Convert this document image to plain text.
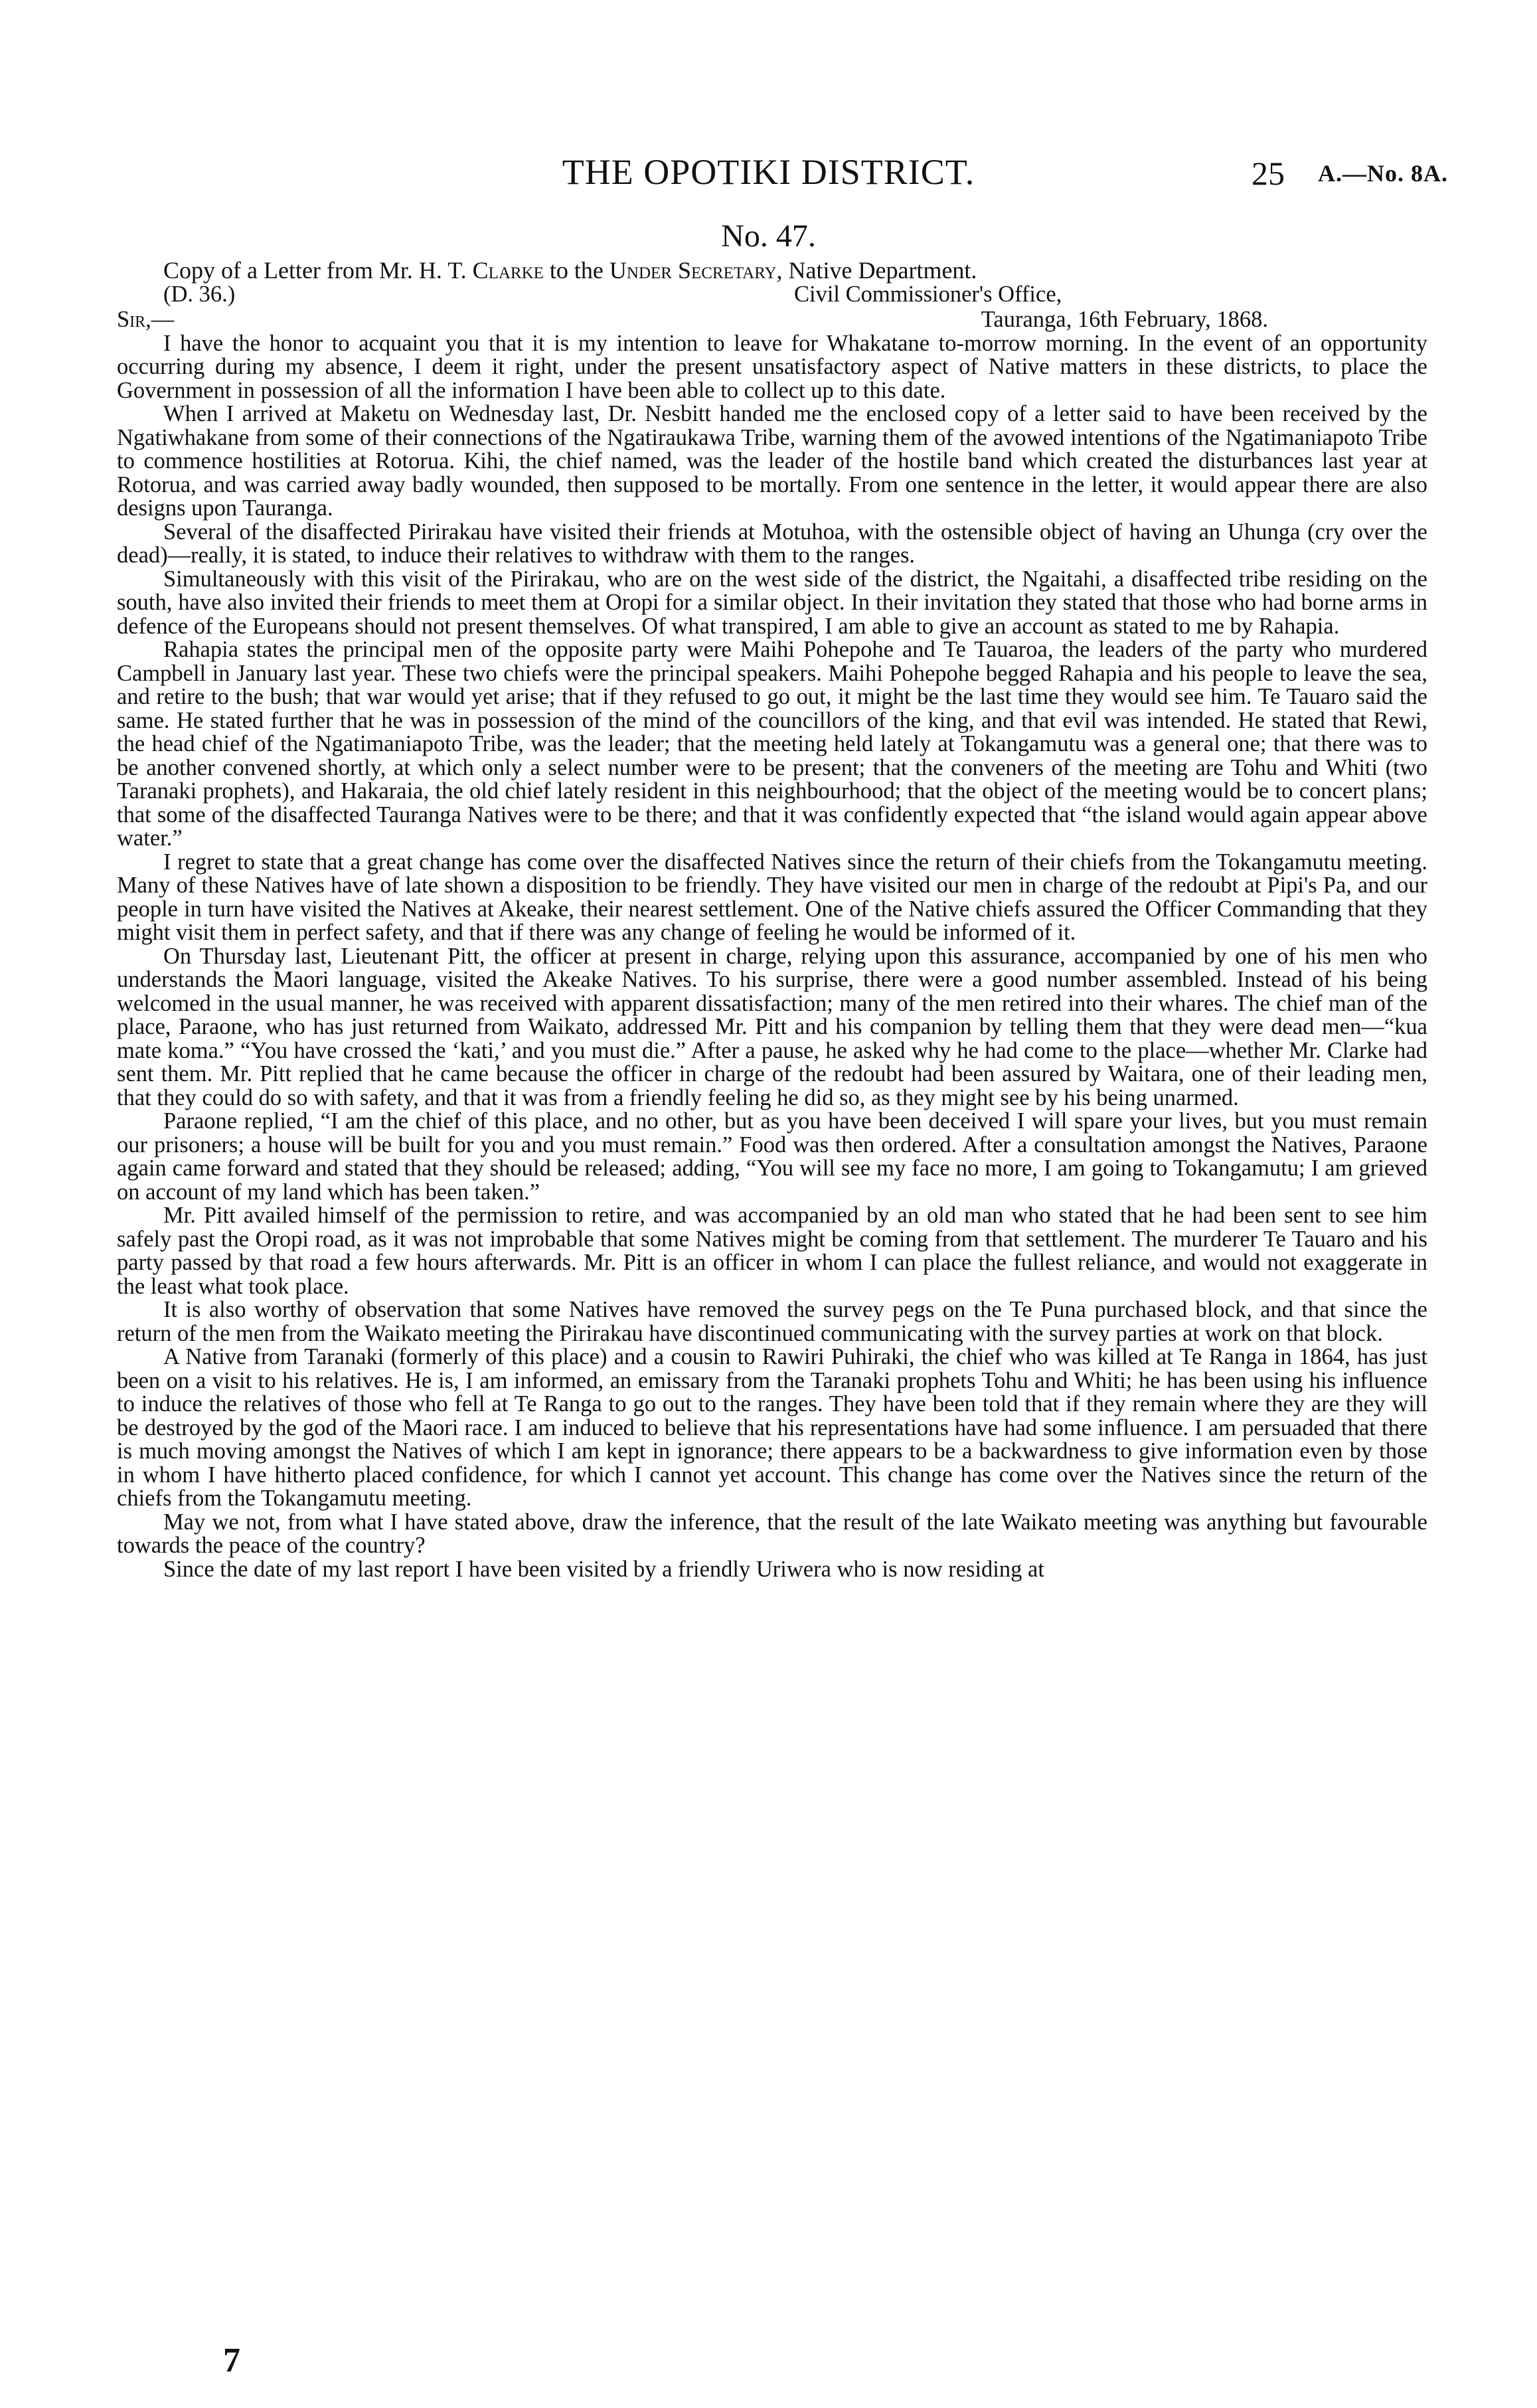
THE OPOTIKI DISTRICT.	25 A.—No. 8A.
No. 47.

Copy of a Letter from Mr. H. T. Clarke to the Under Secretary, Native Department.

(D. 36.)	Civil Commissioner's Office,
Sir,—	Tauranga, 16th February, 1868.

I have the honor to acquaint you that it is my intention to leave for Whakatane to-morrow morning. In the event of an opportunity occurring during my absence, I deem it right, under the present unsatisfactory aspect of Native matters in these districts, to place the Government in possession of all the information I have been able to collect up to this date.

When I arrived at Maketu on Wednesday last, Dr. Nesbitt handed me the enclosed copy of a letter said to have been received by the Ngatiwhakane from some of their connections of the Ngatiraukawa Tribe, warning them of the avowed intentions of the Ngatimaniapoto Tribe to commence hostilities at Rotorua. Kihi, the chief named, was the leader of the hostile band which created the disturbances last year at Rotorua, and was carried away badly wounded, then supposed to be mortally. From one sentence in the letter, it would appear there are also designs upon Tauranga.

Several of the disaffected Pirirakau have visited their friends at Motuhoa, with the ostensible object of having an Uhunga (cry over the dead)—really, it is stated, to induce their relatives to withdraw with them to the ranges.

Simultaneously with this visit of the Pirirakau, who are on the west side of the district, the Ngaitahi, a disaffected tribe residing on the south, have also invited their friends to meet them at Oropi for a similar object. In their invitation they stated that those who had borne arms in defence of the Europeans should not present themselves. Of what transpired, I am able to give an account as stated to me by Rahapia.

Rahapia states the principal men of the opposite party were Maihi Pohepohe and Te Tauaroa, the leaders of the party who murdered Campbell in January last year. These two chiefs were the principal speakers. Maihi Pohepohe begged Rahapia and his people to leave the sea, and retire to the bush; that war would yet arise; that if they refused to go out, it might be the last time they would see him. Te Tauaro said the same. He stated further that he was in possession of the mind of the councillors of the king, and that evil was intended. He stated that Rewi, the head chief of the Ngatimaniapoto Tribe, was the leader; that the meeting held lately at Tokangamutu was a general one; that there was to be another convened shortly, at which only a select number were to be present; that the conveners of the meeting are Tohu and Whiti (two Taranaki prophets), and Hakaraia, the old chief lately resident in this neighbourhood; that the object of the meeting would be to concert plans; that some of the disaffected Tauranga Natives were to be there; and that it was confidently expected that “the island would again appear above water.”

I regret to state that a great change has come over the disaffected Natives since the return of their chiefs from the Tokangamutu meeting. Many of these Natives have of late shown a disposition to be friendly. They have visited our men in charge of the redoubt at Pipi's Pa, and our people in turn have visited the Natives at Akeake, their nearest settlement. One of the Native chiefs assured the Officer Commanding that they might visit them in perfect safety, and that if there was any change of feeling he would be informed of it.

On Thursday last, Lieutenant Pitt, the officer at present in charge, relying upon this assurance, accompanied by one of his men who understands the Maori language, visited the Akeake Natives. To his surprise, there were a good number assembled. Instead of his being welcomed in the usual manner, he was received with apparent dissatisfaction; many of the men retired into their whares. The chief man of the place, Paraone, who has just returned from Waikato, addressed Mr. Pitt and his companion by telling them that they were dead men—“kua mate koma.” “You have crossed the ‘kati,’ and you must die.” After a pause, he asked why he had come to the place—whether Mr. Clarke had sent them. Mr. Pitt replied that he came because the officer in charge of the redoubt had been assured by Waitara, one of their leading men, that they could do so with safety, and that it was from a friendly feeling he did so, as they might see by his being unarmed.

Paraone replied, “I am the chief of this place, and no other, but as you have been deceived I will spare your lives, but you must remain our prisoners; a house will be built for you and you must remain.” Food was then ordered. After a consultation amongst the Natives, Paraone again came forward and stated that they should be released; adding, “You will see my face no more, I am going to Tokangamutu; I am grieved on account of my land which has been taken.”

Mr. Pitt availed himself of the permission to retire, and was accompanied by an old man who stated that he had been sent to see him safely past the Oropi road, as it was not improbable that some Natives might be coming from that settlement. The murderer Te Tauaro and his party passed by that road a few hours afterwards. Mr. Pitt is an officer in whom I can place the fullest reliance, and would not exaggerate in the least what took place.

It is also worthy of observation that some Natives have removed the survey pegs on the Te Puna purchased block, and that since the return of the men from the Waikato meeting the Pirirakau have discontinued communicating with the survey parties at work on that block.

A Native from Taranaki (formerly of this place) and a cousin to Rawiri Puhiraki, the chief who was killed at Te Ranga in 1864, has just been on a visit to his relatives. He is, I am informed, an emissary from the Taranaki prophets Tohu and Whiti; he has been using his influence to induce the relatives of those who fell at Te Ranga to go out to the ranges. They have been told that if they remain where they are they will be destroyed by the god of the Maori race. I am induced to believe that his representations have had some influence. I am persuaded that there is much moving amongst the Natives of which I am kept in ignorance; there appears to be a backwardness to give information even by those in whom I have hitherto placed confidence, for which I cannot yet account. This change has come over the Natives since the return of the chiefs from the Tokangamutu meeting.

May we not, from what I have stated above, draw the inference, that the result of the late Waikato meeting was anything but favourable towards the peace of the country?

Since the date of my last report I have been visited by a friendly Uriwera who is now residing at

7
